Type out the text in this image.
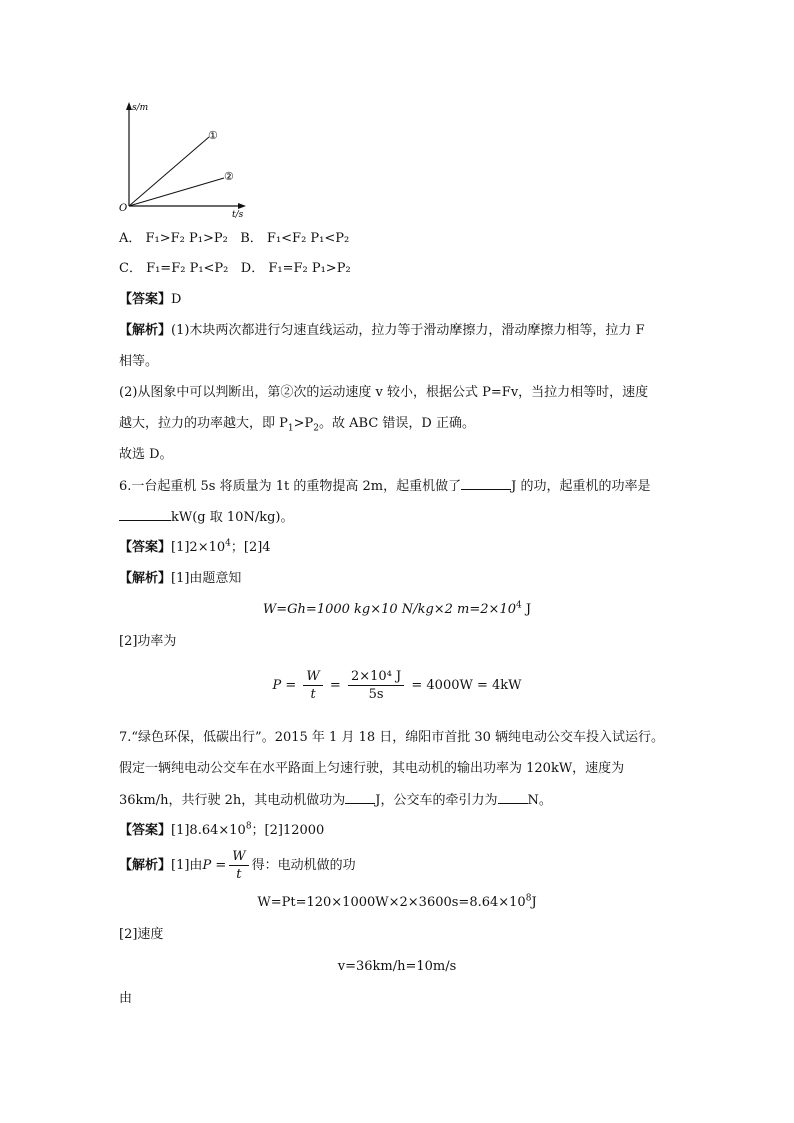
s/m
t/s
O
①
②
A． F₁>F₂ P₁>P₂ B． F₁<F₂ P₁<P₂
C． F₁=F₂ P₁<P₂ D． F₁=F₂ P₁>P₂
【答案】D
【解析】(1)木块两次都进行匀速直线运动，拉力等于滑动摩擦力，滑动摩擦力相等，拉力 F
相等。
(2)从图象中可以判断出，第②次的运动速度 v 较小，根据公式 P=Fv，当拉力相等时，速度
越大，拉力的功率越大，即 $P_1>P_2$。故 ABC 错误，D 正确。
故选 D。
6.一台起重机 5s 将质量为 1t 的重物提高 2m，起重机做了	J 的功，起重机的功率是
kW(g 取 10N/kg)。
【答案】$[1]2\times 10^4$；[2]4
【解析】[1]由题意知
W=Gh=1000 kg×10 N/kg×2 $m=2\times 10^4$ J
[2]功率为
$P = \frac{W}{t} = \frac{\text{2×10⁴ J}}{5s} = 4000W = 4kW$
7.“绿色环保，低碳出行”。2015 年 1 月 18 日，绵阳市首批 30 辆纯电动公交车投入试运行。
假定一辆纯电动公交车在水平路面上匀速行驶，其电动机的输出功率为 120kW，速度为
36km/h，共行驶 2h，其电动机做功为 J，公交车的牵引力为 N。
【答案】$[1]8.64\times 10^8$；[2]12000
【解析】[1]由$P = \frac{W}{t}$ 得：电动机做的功
$W=Pt=120\times 1000W\times 2\times 3600s=8.64\times 10^8J$
[2]速度
v=36km/h=10m/s
由
